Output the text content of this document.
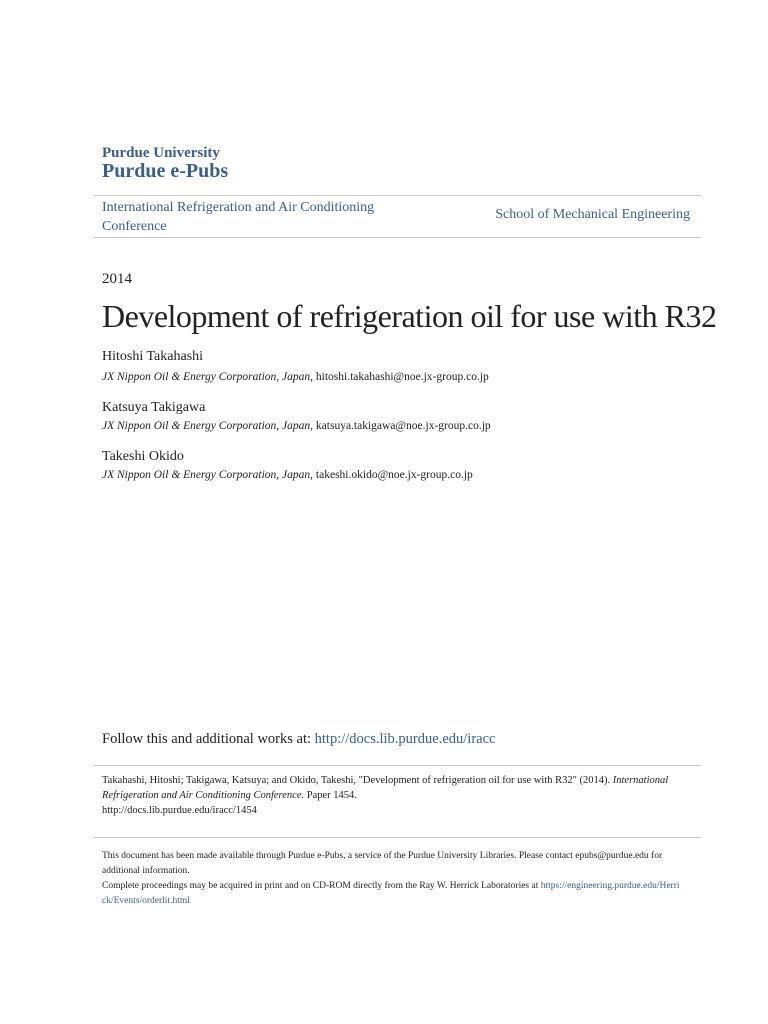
Purdue University
Purdue e-Pubs
International Refrigeration and Air Conditioning Conference
School of Mechanical Engineering
2014
Development of refrigeration oil for use with R32
Hitoshi Takahashi
JX Nippon Oil & Energy Corporation, Japan, hitoshi.takahashi@noe.jx-group.co.jp
Katsuya Takigawa
JX Nippon Oil & Energy Corporation, Japan, katsuya.takigawa@noe.jx-group.co.jp
Takeshi Okido
JX Nippon Oil & Energy Corporation, Japan, takeshi.okido@noe.jx-group.co.jp
Follow this and additional works at: http://docs.lib.purdue.edu/iracc
Takahashi, Hitoshi; Takigawa, Katsuya; and Okido, Takeshi, "Development of refrigeration oil for use with R32" (2014). International Refrigeration and Air Conditioning Conference. Paper 1454.
http://docs.lib.purdue.edu/iracc/1454
This document has been made available through Purdue e-Pubs, a service of the Purdue University Libraries. Please contact epubs@purdue.edu for additional information.
Complete proceedings may be acquired in print and on CD-ROM directly from the Ray W. Herrick Laboratories at https://engineering.purdue.edu/Herrick/Events/orderlit.html
